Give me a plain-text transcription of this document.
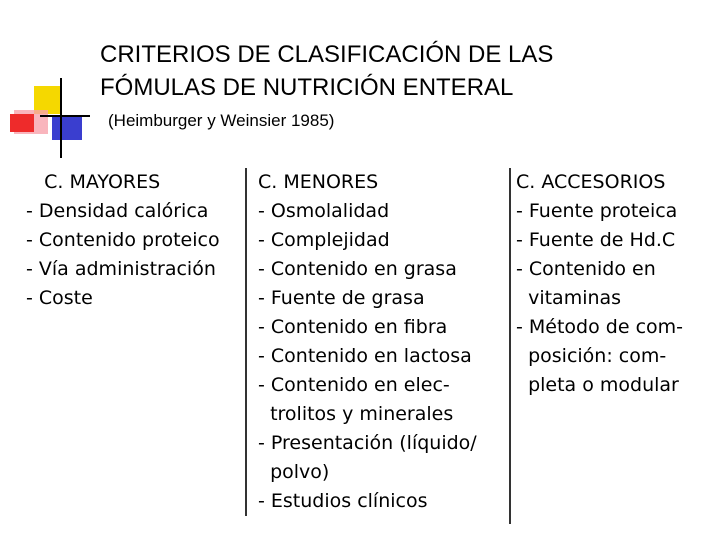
CRITERIOS DE CLASIFICACIÓN DE LAS
FÓMULAS DE NUTRICIÓN ENTERAL
(Heimburger y Weinsier 1985)
C. MAYORES
- Densidad calórica
- Contenido proteico
- Vía administración
- Coste
C. MENORES
- Osmolalidad
- Complejidad
- Contenido en grasa
- Fuente de grasa
- Contenido en fibra
- Contenido en lactosa
- Contenido en elec-
trolitos y minerales
- Presentación (líquido/
polvo)
- Estudios clínicos
C. ACCESORIOS
- Fuente proteica
- Fuente de Hd.C
- Contenido en
vitaminas
- Método de com-
posición: com-
pleta o modular
